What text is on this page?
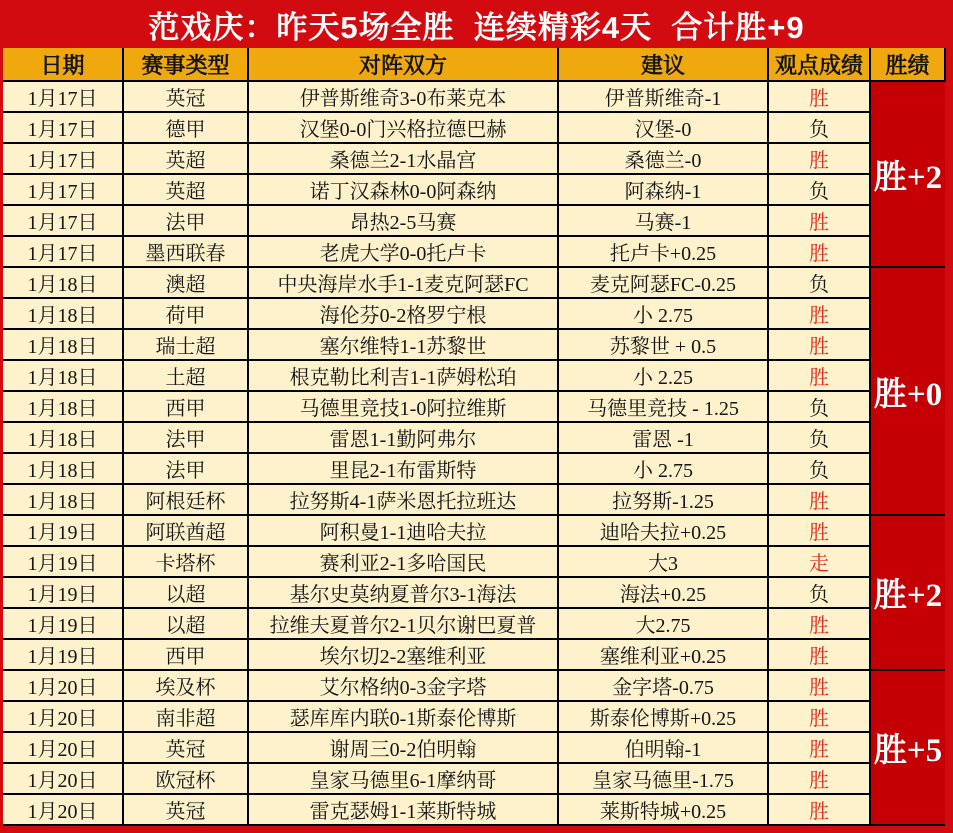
范戏庆：昨天5场全胜  连续精彩4天  合计胜+9
日期	赛事类型	对阵双方	建议	观点成绩	胜绩
1月17日	英冠	伊普斯维奇3-0布莱克本	伊普斯维奇-1	胜	胜+2
1月17日	德甲	汉堡0-0门兴格拉德巴赫	汉堡-0	负	
1月17日	英超	桑德兰2-1水晶宫	桑德兰-0	胜	
1月17日	英超	诺丁汉森林0-0阿森纳	阿森纳-1	负	
1月17日	法甲	昂热2-5马赛	马赛-1	胜	
1月17日	墨西联春	老虎大学0-0托卢卡	托卢卡+0.25	胜	
1月18日	澳超	中央海岸水手1-1麦克阿瑟FC	麦克阿瑟FC-0.25	负	胜+0
1月18日	荷甲	海伦芬0-2格罗宁根	小 2.75	胜	
1月18日	瑞士超	塞尔维特1-1苏黎世	苏黎世 + 0.5	胜	
1月18日	土超	根克勒比利吉1-1萨姆松珀	小 2.25	胜	
1月18日	西甲	马德里竞技1-0阿拉维斯	马德里竞技 - 1.25	负	
1月18日	法甲	雷恩1-1勤阿弗尔	雷恩 -1	负	
1月18日	法甲	里昆2-1布雷斯特	小 2.75	负	
1月18日	阿根廷杯	拉努斯4-1萨米恩托拉班达	拉努斯-1.25	胜	
1月19日	阿联酋超	阿积曼1-1迪哈夫拉	迪哈夫拉+0.25	胜	胜+2
1月19日	卡塔杯	赛利亚2-1多哈国民	大3	走	
1月19日	以超	基尔史莫纳夏普尔3-1海法	海法+0.25	负	
1月19日	以超	拉维夫夏普尔2-1贝尔谢巴夏普	大2.75	胜	
1月19日	西甲	埃尔切2-2塞维利亚	塞维利亚+0.25	胜	
1月20日	埃及杯	艾尔格纳0-3金字塔	金字塔-0.75	胜	胜+5
1月20日	南非超	瑟库库内联0-1斯泰伦博斯	斯泰伦博斯+0.25	胜	
1月20日	英冠	谢周三0-2伯明翰	伯明翰-1	胜	
1月20日	欧冠杯	皇家马德里6-1摩纳哥	皇家马德里-1.75	胜	
1月20日	英冠	雷克瑟姆1-1莱斯特城	莱斯特城+0.25	胜	
